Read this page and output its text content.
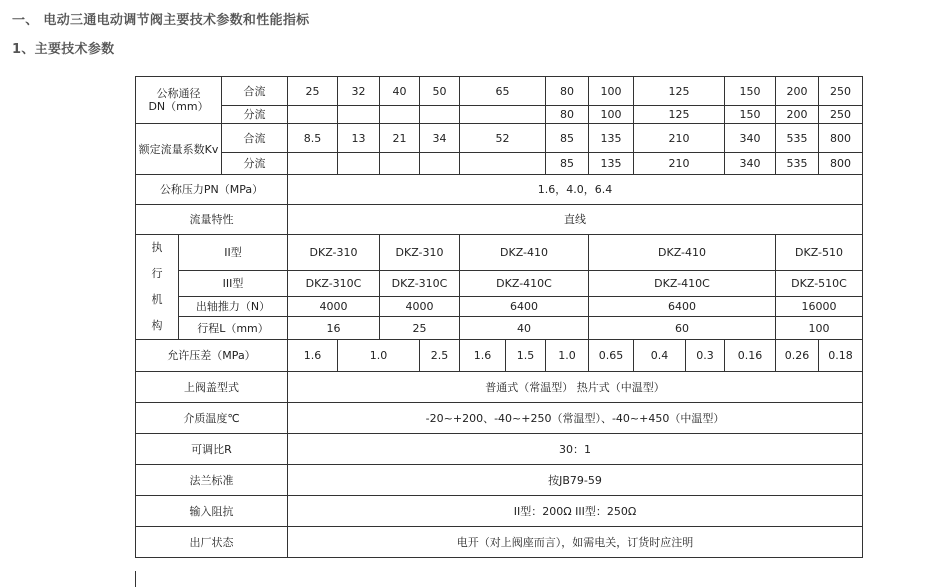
一、 电动三通电动调节阀主要技术参数和性能指标
1、主要技术参数
公称通径
DN（mm）		合流	25	32	40	50	65		80	100	125		150	200	250	
		分流							80	100	125		150	200	250	
额定流量系数Kv		合流	8.5	13	21	34	52		85	135	210		340	535	800	
		分流							85	135	210		340	535	800	
公称压力PN（MPa）			1.6，4.0，6.4													
流量特性			直线													

执
行
机
构	II型		DKZ-310		DKZ-310		DKZ-410			DKZ-410				DKZ-510		
	III型		DKZ-310C		DKZ-310C		DKZ-410C			DKZ-410C				DKZ-510C		
	出轴推力（N）		4000		4000		6400			6400				16000		
	行程L（mm）		16		25		40			60				100		
允许压差（MPa）			1.6	1.0		2.5	1.6	1.5	1.0	0.65	0.4	0.3	0.16	0.26	0.18	
上阀盖型式			普通式（常温型） 热片式（中温型）													
介质温度℃			-20~+200、-40~+250（常温型）、-40~+450（中温型）													
可调比R			30：1													
法兰标准			按JB79-59													
输入阻抗			II型：200Ω III型：250Ω													
出厂状态			电开（对上阀座而言），如需电关，订货时应注明													
